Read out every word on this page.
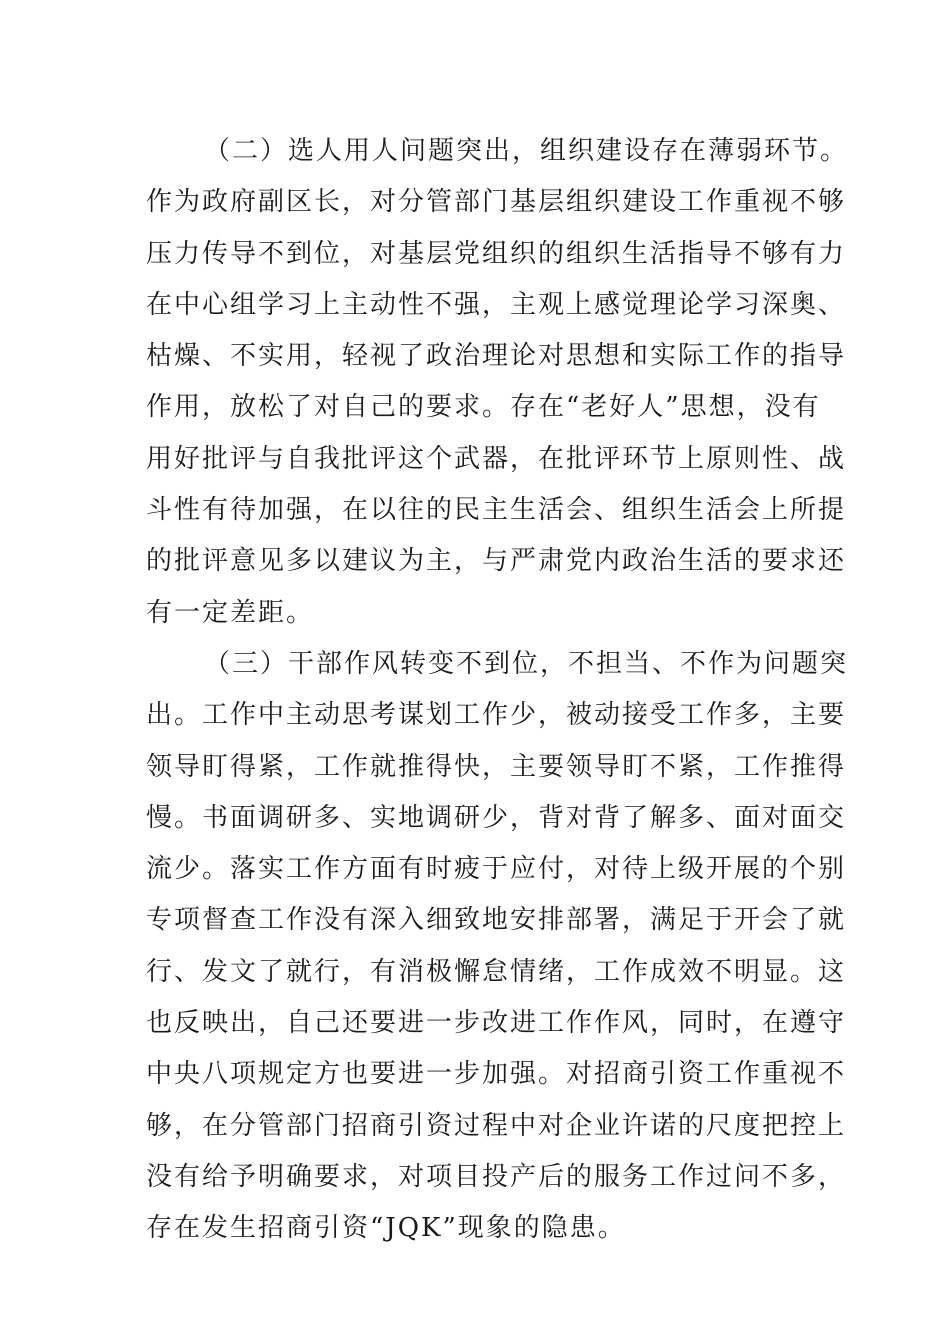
（二）选人用人问题突出，组织建设存在薄弱环节。
作为政府副区长，对分管部门基层组织建设工作重视不够
压力传导不到位，对基层党组织的组织生活指导不够有力
在中心组学习上主动性不强，主观上感觉理论学习深奥、
枯燥、不实用，轻视了政治理论对思想和实际工作的指导
作用，放松了对自己的要求。存在“老好人”思想，没有
用好批评与自我批评这个武器，在批评环节上原则性、战
斗性有待加强，在以往的民主生活会、组织生活会上所提
的批评意见多以建议为主，与严肃党内政治生活的要求还
有一定差距。
（三）干部作风转变不到位，不担当、不作为问题突
出。工作中主动思考谋划工作少，被动接受工作多，主要
领导盯得紧，工作就推得快，主要领导盯不紧，工作推得
慢。书面调研多、实地调研少，背对背了解多、面对面交
流少。落实工作方面有时疲于应付，对待上级开展的个别
专项督查工作没有深入细致地安排部署，满足于开会了就
行、发文了就行，有消极懈怠情绪，工作成效不明显。这
也反映出，自己还要进一步改进工作作风，同时，在遵守
中央八项规定方也要进一步加强。对招商引资工作重视不
够，在分管部门招商引资过程中对企业许诺的尺度把控上
没有给予明确要求，对项目投产后的服务工作过问不多，
存在发生招商引资“JQK”现象的隐患。
